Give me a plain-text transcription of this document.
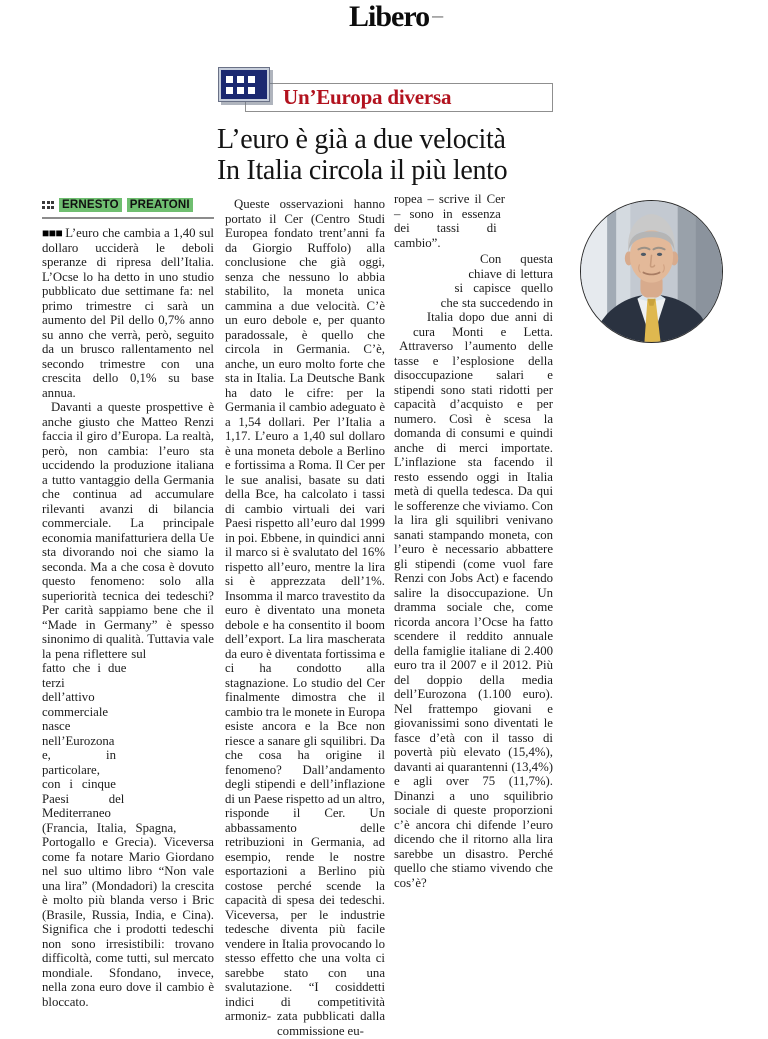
Libero –
Un’Europa diversa
L’euro è già a due velocità
In Italia circola il più lento
ERNESTO PREATONI

■■■ L’euro che cambia a 1,40 sul dollaro ucciderà le deboli speranze di ripresa dell’Italia. L’Ocse lo ha detto in uno studio pubblicato due settimane fa: nel primo trimestre ci sarà un aumento del Pil dello 0,7% anno su anno che verrà, però, seguito da un brusco rallentamento nel secondo trimestre con una crescita dello 0,1% su base annua.

Davanti a queste prospettive è anche giusto che Matteo Renzi faccia il giro d’Europa. La realtà, però, non cambia: l’euro sta uccidendo la produzione italiana a tutto vantaggio della Germania che continua ad accumulare rilevanti avanzi di bilancia commerciale. La principale economia manifatturiera della Ue sta divorando noi che siamo la seconda. Ma a che cosa è dovuto questo fenomeno: solo alla superiorità tecnica dei tedeschi? Per carità sappiamo bene che il “Made in Germany” è spesso sinonimo di qualità. Tuttavia vale la pena riflettere sul fatto che i due terzi dell’attivo commerciale nasce nell’Eurozona e, in particolare, con i cinque Paesi del Mediterraneo (Francia, Italia, Spagna, Portogallo e Grecia). Viceversa come fa notare Mario Giordano nel suo ultimo libro “Non vale una lira” (Mondadori) la crescita è molto più blanda verso i Bric (Brasile, Russia, India, e Cina). Significa che i prodotti tedeschi non sono irresistibili: trovano difficoltà, come tutti, sul mercato mondiale. Sfondano, invece, nella zona euro dove il cambio è bloccato.

Queste osservazioni hanno portato il Cer (Centro Studi Europea fondato trent’anni fa da Giorgio Ruffolo) alla conclusione che già oggi, senza che nessuno lo abbia stabilito, la moneta unica cammina a due velocità. C’è un euro debole e, per quanto paradossale, è quello che circola in Germania. C’è, anche, un euro molto forte che sta in Italia. La Deutsche Bank ha dato le cifre: per la Germania il cambio adeguato è a 1,54 dollari. Per l’Italia a 1,17. L’euro a 1,40 sul dollaro è una moneta debole a Berlino e fortissima a Roma. Il Cer per le sue analisi, basate su dati della Bce, ha calcolato i tassi di cambio virtuali dei vari Paesi rispetto all’euro dal 1999 in poi. Ebbene, in quindici anni il marco si è svalutato del 16% rispetto all’euro, mentre la lira si è apprezzata dell’1%. Insomma il marco travestito da euro è diventato una moneta debole e ha consentito il boom dell’export. La lira mascherata da euro è diventata fortissima e ci ha condotto alla stagnazione. Lo studio del Cer finalmente dimostra che il cambio tra le monete in Europa esiste ancora e la Bce non riesce a sanare gli squilibri. Da che cosa ha origine il fenomeno? Dall’andamento degli stipendi e dell’inflazione di un Paese rispetto ad un altro, risponde il Cer. Un abbassamento delle retribuzioni in Germania, ad esempio, rende le nostre esportazioni a Berlino più costose perché scende la capacità di spesa dei tedeschi. Viceversa, per le industrie tedesche diventa più facile vendere in Italia provocando lo stesso effetto che una volta ci sarebbe stato con una svalutazione. “I cosiddetti indici di competitività armoniz- zata pubblicati dalla commissione eu-

ropea – scrive il Cer – sono in essenza dei tassi di cambio”.

Con questa chiave di lettura si capisce quello che sta succedendo in Italia dopo due anni di cura Monti e Letta. Attraverso l’aumento delle tasse e l’esplosione della disoccupazione salari e stipendi sono stati ridotti per capacità d’acquisto e per numero. Così è scesa la domanda di consumi e quindi anche di merci importate. L’inflazione sta facendo il resto essendo oggi in Italia metà di quella tedesca. Da qui le sofferenze che viviamo. Con la lira gli squilibri venivano sanati stampando moneta, con l’euro è necessario abbattere gli stipendi (come vuol fare Renzi con Jobs Act) e facendo salire la disoccupazione. Un dramma sociale che, come ricorda ancora l’Ocse ha fatto scendere il reddito annuale della famiglie italiane di 2.400 euro tra il 2007 e il 2012. Più del doppio della media dell’Eurozona (1.100 euro). Nel frattempo giovani e giovanissimi sono diventati le fasce d’età con il tasso di povertà più elevato (15,4%), davanti ai quarantenni (13,4%) e agli over 75 (11,7%). Dinanzi a uno squilibrio sociale di queste proporzioni c’è ancora chi difende l’euro dicendo che il ritorno alla lira sarebbe un disastro. Perché quello che stiamo vivendo che cos’è?
